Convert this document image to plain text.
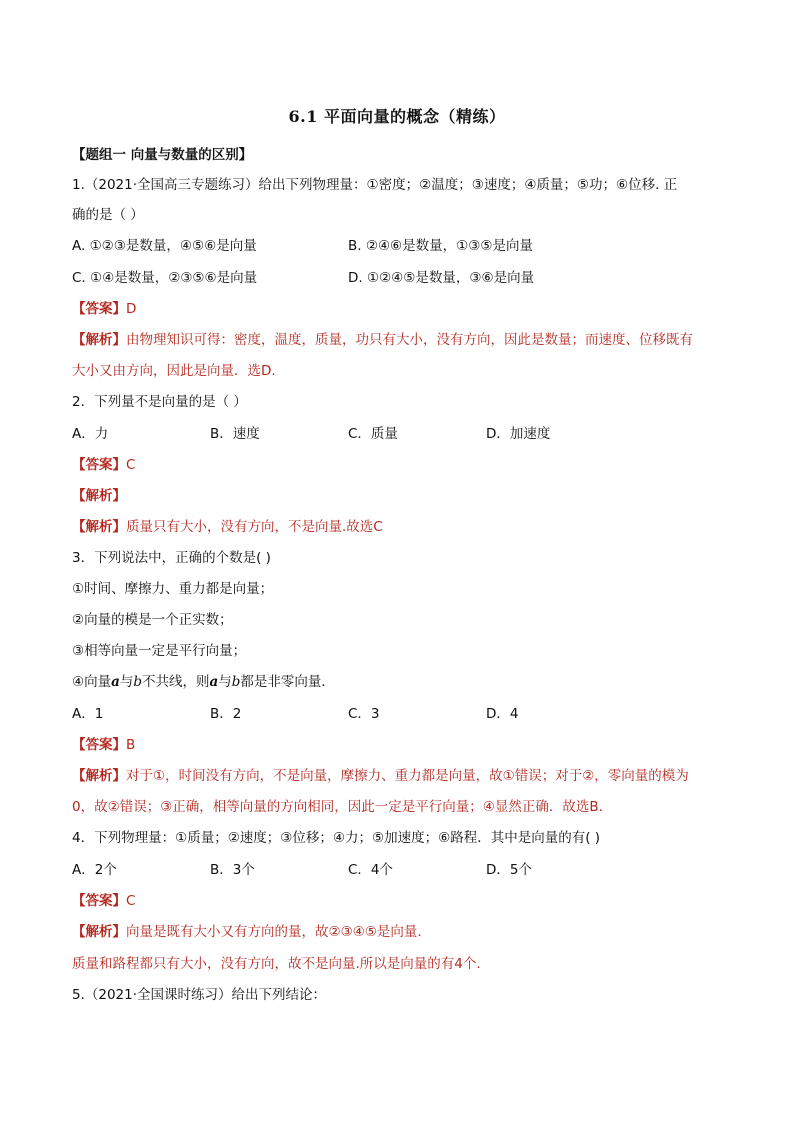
6.1 平面向量的概念（精练）
【题组一 向量与数量的区别】
1.（2021·全国高三专题练习）给出下列物理量：①密度；②温度；③速度；④质量；⑤功；⑥位移. 正
确的是（ ）
A. ①②③是数量，④⑤⑥是向量	B. ②④⑥是数量，①③⑤是向量
C. ①④是数量，②③⑤⑥是向量	D. ①②④⑤是数量，③⑥是向量
【答案】D
【解析】由物理知识可得：密度，温度，质量，功只有大小，没有方向，因此是数量；而速度、位移既有
大小又由方向，因此是向量．选D.
2．下列量不是向量的是（ ）
A．力	B．速度	C．质量	D．加速度
【答案】C
【解析】
【解析】质量只有大小，没有方向，不是向量.故选C
3．下列说法中，正确的个数是( )
①时间、摩擦力、重力都是向量；
②向量的模是一个正实数；
③相等向量一定是平行向量；
④向量a与b不共线，则a与b都是非零向量．
A．1	B．2	C．3	D．4
【答案】B
【解析】对于①，时间没有方向，不是向量，摩擦力、重力都是向量，故①错误；对于②，零向量的模为
0，故②错误；③正确，相等向量的方向相同，因此一定是平行向量；④显然正确．故选B.
4．下列物理量：①质量；②速度；③位移；④力；⑤加速度；⑥路程．其中是向量的有( )
A．2个	B．3个	C．4个	D．5个
【答案】C
【解析】向量是既有大小又有方向的量，故②③④⑤是向量.
质量和路程都只有大小，没有方向，故不是向量.所以是向量的有4个.
5.（2021·全国课时练习）给出下列结论：
